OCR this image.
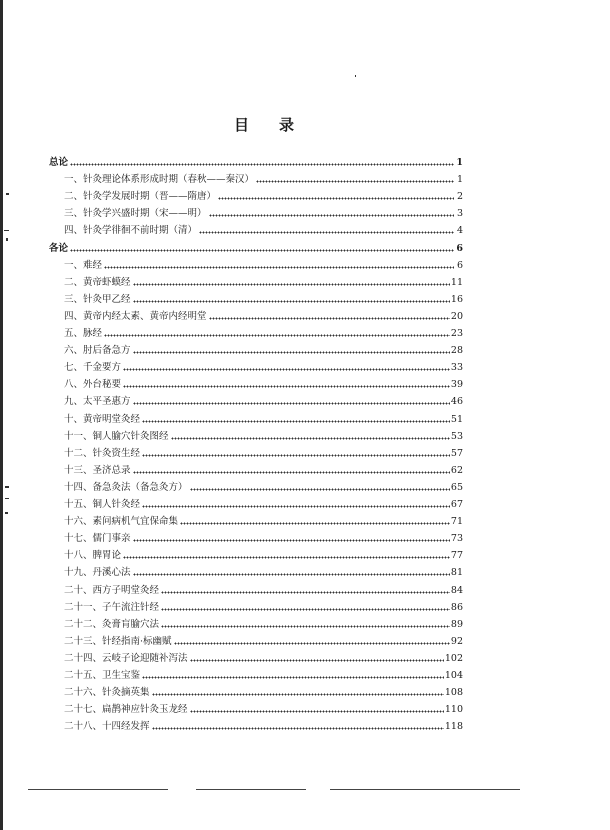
目 录
总论	1
一、针灸理论体系形成时期（春秋——秦汉）	1
二、针灸学发展时期（晋——隋唐）	2
三、针灸学兴盛时期（宋——明）	3
四、针灸学徘徊不前时期（清）	4
各论	6
一、难经	6
二、黄帝虾蟆经	11
三、针灸甲乙经	16
四、黄帝内经太素、黄帝内经明堂	20
五、脉经	23
六、肘后备急方	28
七、千金要方	33
八、外台秘要	39
九、太平圣惠方	46
十、黄帝明堂灸经	51
十一、铜人腧穴针灸图经	53
十二、针灸资生经	57
十三、圣济总录	62
十四、备急灸法（备急灸方）	65
十五、铜人针灸经	67
十六、素问病机气宜保命集	71
十七、儒门事亲	73
十八、脾胃论	77
十九、丹溪心法	81
二十、西方子明堂灸经	84
二十一、子午流注针经	86
二十二、灸膏肓腧穴法	89
二十三、针经指南·标幽赋	92
二十四、云岐子论迎随补泻法	102
二十五、卫生宝鉴	104
二十六、针灸摘英集	108
二十七、扁鹊神应针灸玉龙经	110
二十八、十四经发挥	118
